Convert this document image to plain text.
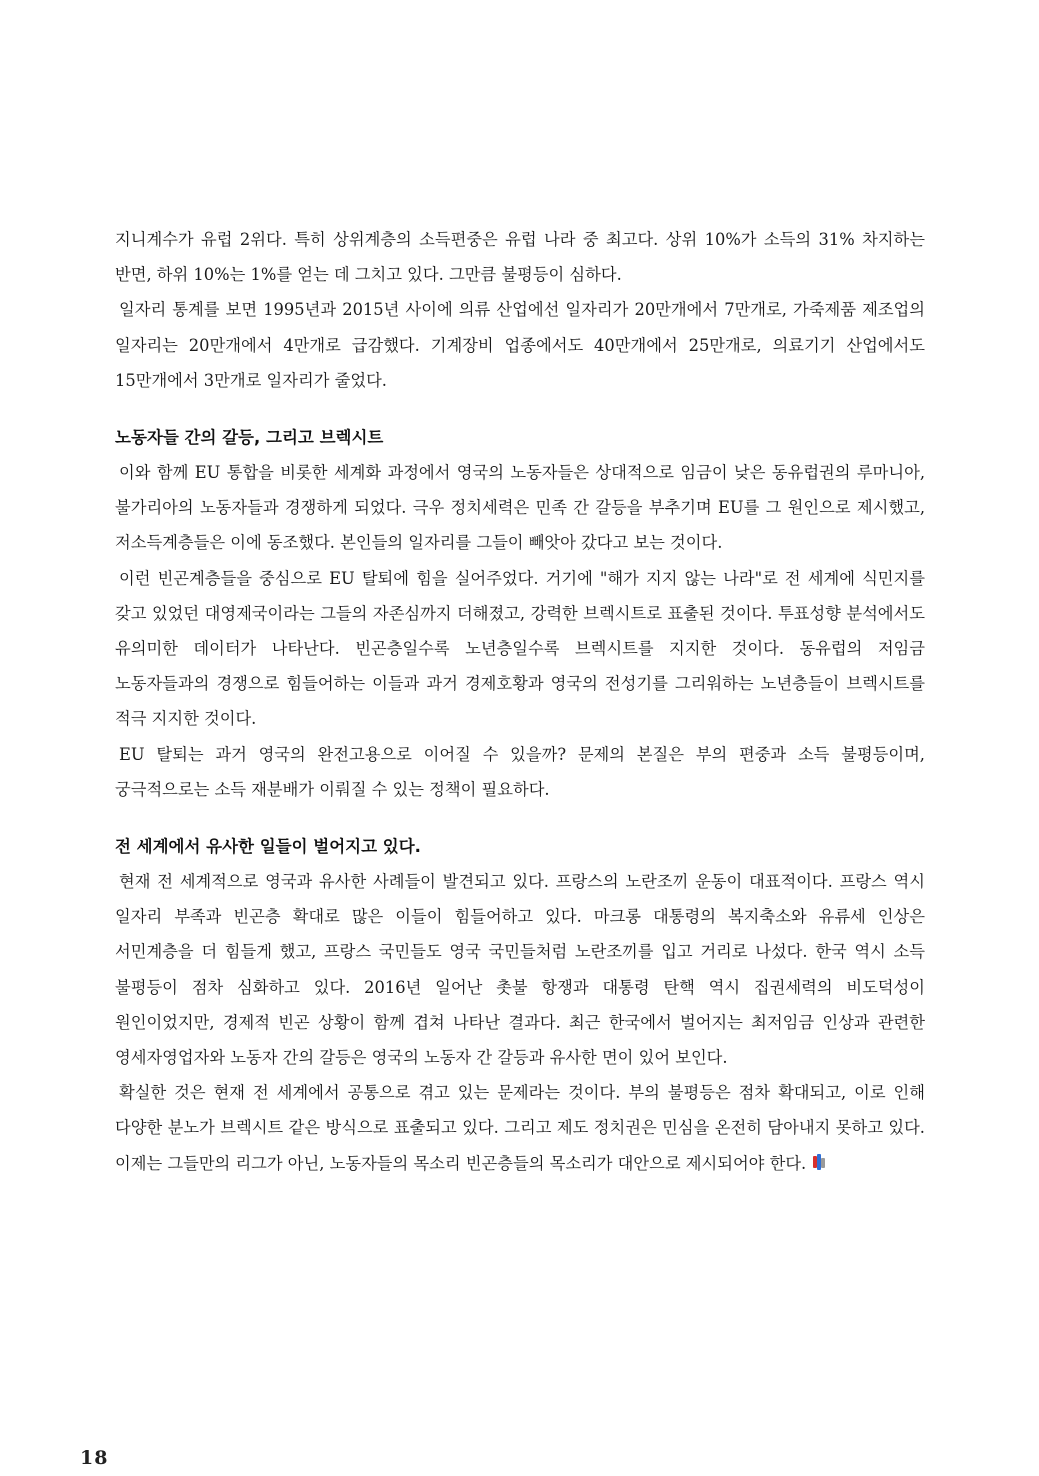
지니계수가 유럽 2위다. 특히 상위계층의 소득편중은 유럽 나라 중 최고다. 상위 10%가 소득의 31% 차지하는 반면, 하위 10%는 1%를 얻는 데 그치고 있다. 그만큼 불평등이 심하다.

일자리 통계를 보면 1995년과 2015년 사이에 의류 산업에선 일자리가 20만개에서 7만개로, 가죽제품 제조업의 일자리는 20만개에서 4만개로 급감했다. 기계장비 업종에서도 40만개에서 25만개로, 의료기기 산업에서도 15만개에서 3만개로 일자리가 줄었다.

노동자들 간의 갈등, 그리고 브렉시트

이와 함께 EU 통합을 비롯한 세계화 과정에서 영국의 노동자들은 상대적으로 임금이 낮은 동유럽권의 루마니아, 불가리아의 노동자들과 경쟁하게 되었다. 극우 정치세력은 민족 간 갈등을 부추기며 EU를 그 원인으로 제시했고, 저소득계층들은 이에 동조했다. 본인들의 일자리를 그들이 빼앗아 갔다고 보는 것이다.

이런 빈곤계층들을 중심으로 EU 탈퇴에 힘을 실어주었다. 거기에 "해가 지지 않는 나라"로 전 세계에 식민지를 갖고 있었던 대영제국이라는 그들의 자존심까지 더해졌고, 강력한 브렉시트로 표출된 것이다. 투표성향 분석에서도 유의미한 데이터가 나타난다. 빈곤층일수록 노년층일수록 브렉시트를 지지한 것이다. 동유럽의 저임금 노동자들과의 경쟁으로 힘들어하는 이들과 과거 경제호황과 영국의 전성기를 그리워하는 노년층들이 브렉시트를 적극 지지한 것이다.

EU 탈퇴는 과거 영국의 완전고용으로 이어질 수 있을까? 문제의 본질은 부의 편중과 소득 불평등이며, 궁극적으로는 소득 재분배가 이뤄질 수 있는 정책이 필요하다.

전 세계에서 유사한 일들이 벌어지고 있다.

현재 전 세계적으로 영국과 유사한 사례들이 발견되고 있다. 프랑스의 노란조끼 운동이 대표적이다. 프랑스 역시 일자리 부족과 빈곤층 확대로 많은 이들이 힘들어하고 있다. 마크롱 대통령의 복지축소와 유류세 인상은 서민계층을 더 힘들게 했고, 프랑스 국민들도 영국 국민들처럼 노란조끼를 입고 거리로 나섰다. 한국 역시 소득 불평등이 점차 심화하고 있다. 2016년 일어난 촛불 항쟁과 대통령 탄핵 역시 집권세력의 비도덕성이 원인이었지만, 경제적 빈곤 상황이 함께 겹쳐 나타난 결과다. 최근 한국에서 벌어지는 최저임금 인상과 관련한 영세자영업자와 노동자 간의 갈등은 영국의 노동자 간 갈등과 유사한 면이 있어 보인다.

확실한 것은 현재 전 세계에서 공통으로 겪고 있는 문제라는 것이다. 부의 불평등은 점차 확대되고, 이로 인해 다양한 분노가 브렉시트 같은 방식으로 표출되고 있다. 그리고 제도 정치권은 민심을 온전히 담아내지 못하고 있다. 이제는 그들만의 리그가 아닌, 노동자들의 목소리 빈곤층들의 목소리가 대안으로 제시되어야 한다.

18
